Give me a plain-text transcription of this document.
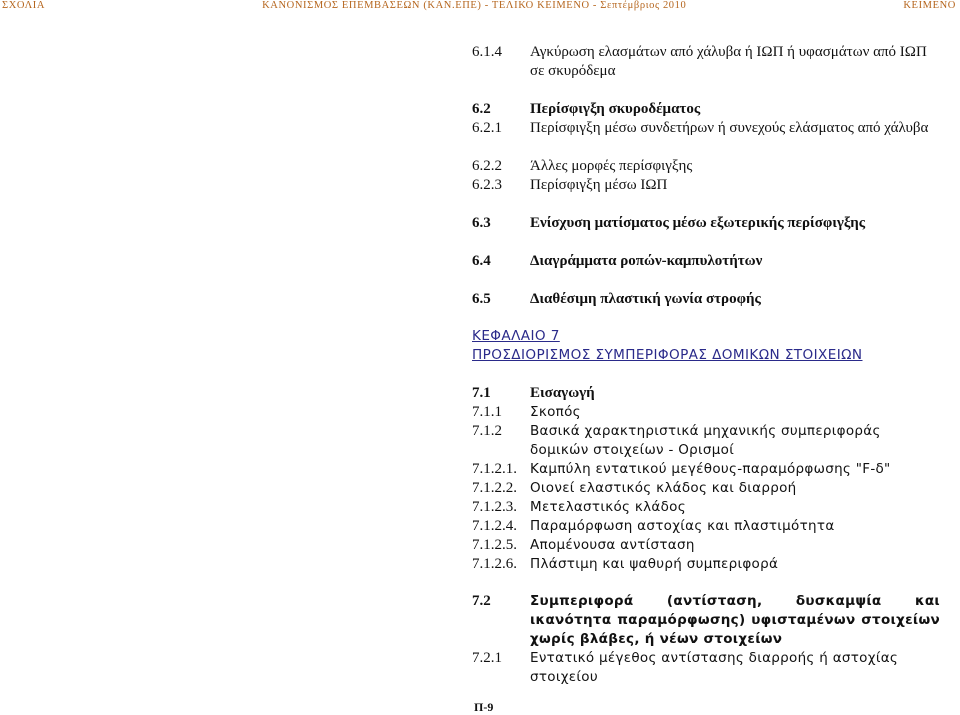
ΣΧΟΛΙΑ	ΚΑΝΟΝΙΣΜΟΣ ΕΠΕΜΒΑΣΕΩΝ (ΚΑΝ.ΕΠΕ) - ΤΕΛΙΚΟ ΚΕΙΜΕΝΟ - Σεπτέμβριος 2010	ΚΕΙΜΕΝΟ
6.1.4 Αγκύρωση ελασμάτων από χάλυβα ή ΙΩΠ ή υφασμάτων από ΙΩΠ σε σκυρόδεμα
6.2	Περίσφιγξη σκυροδέματος
6.2.1 Περίσφιγξη μέσω συνδετήρων ή συνεχούς ελάσματος από χάλυβα
6.2.2 Άλλες μορφές περίσφιγξης
6.2.3 Περίσφιγξη μέσω ΙΩΠ
6.3	Ενίσχυση ματίσματος μέσω εξωτερικής περίσφιγξης
6.4	Διαγράμματα ροπών-καμπυλοτήτων
6.5	Διαθέσιμη πλαστική γωνία στροφής
ΚΕΦΑΛΑΙΟ 7
ΠΡΟΣΔΙΟΡΙΣΜΟΣ ΣΥΜΠΕΡΙΦΟΡΑΣ ΔΟΜΙΚΩΝ ΣΤΟΙΧΕΙΩΝ
7.1	Εισαγωγή
7.1.1 Σκοπός
7.1.2 Βασικά χαρακτηριστικά μηχανικής συμπεριφοράς δομικών στοιχείων - Ορισμοί
7.1.2.1. Καμπύλη εντατικού μεγέθους-παραμόρφωσης "F-δ"
7.1.2.2. Οιονεί ελαστικός κλάδος και διαρροή
7.1.2.3. Μετελαστικός κλάδος
7.1.2.4. Παραμόρφωση αστοχίας και πλαστιμότητα
7.1.2.5. Απομένουσα αντίσταση
7.1.2.6. Πλάστιμη και ψαθυρή συμπεριφορά
7.2	Συμπεριφορά (αντίσταση, δυσκαμψία και ικανότητα παραμόρφωσης) υφισταμένων στοιχείων χωρίς βλάβες, ή νέων στοιχείων
7.2.1 Εντατικό μέγεθος αντίστασης διαρροής ή αστοχίας στοιχείου
Π-9
